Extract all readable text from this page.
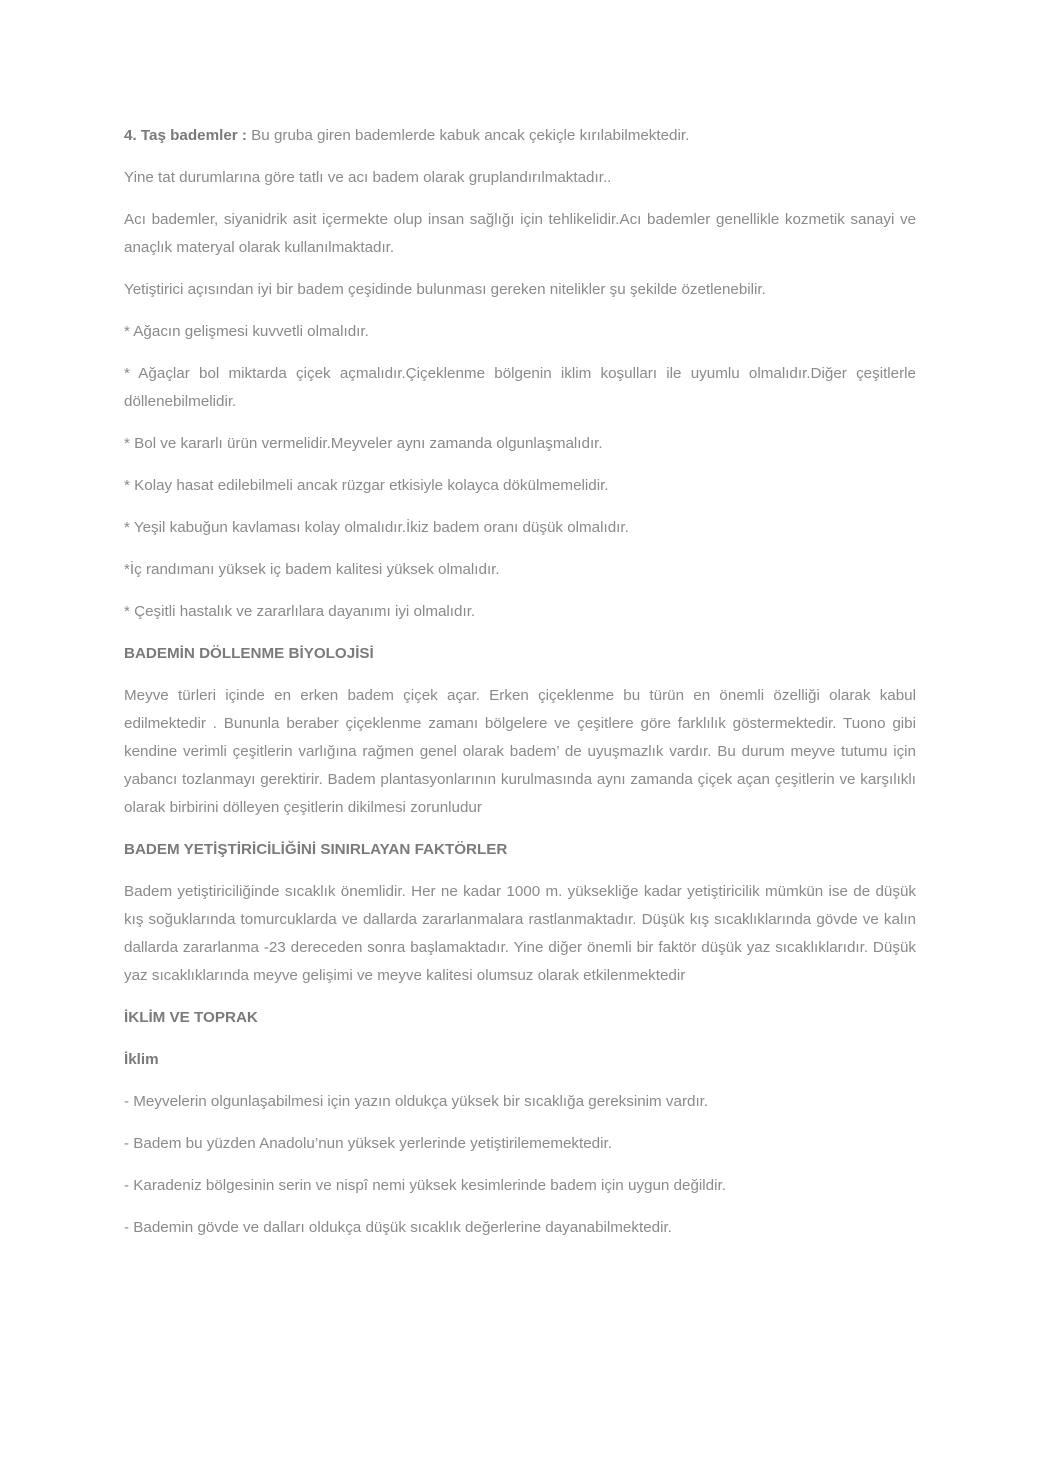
4. Taş bademler : Bu gruba giren bademlerde kabuk ancak çekiçle kırılabilmektedir.

Yine tat durumlarına göre tatlı ve acı badem olarak gruplandırılmaktadır..

Acı bademler, siyanidrik asit içermekte olup insan sağlığı için tehlikelidir.Acı bademler genellikle kozmetik sanayi ve anaçlık materyal olarak kullanılmaktadır.

Yetiştirici açısından iyi bir badem çeşidinde bulunması gereken nitelikler şu şekilde özetlenebilir.

* Ağacın gelişmesi kuvvetli olmalıdır.

* Ağaçlar bol miktarda çiçek açmalıdır.Çiçeklenme bölgenin iklim koşulları ile uyumlu olmalıdır.Diğer çeşitlerle döllenebilmelidir.

* Bol ve kararlı ürün vermelidir.Meyveler aynı zamanda olgunlaşmalıdır.

* Kolay hasat edilebilmeli ancak rüzgar etkisiyle kolayca dökülmemelidir.

* Yeşil kabuğun kavlaması kolay olmalıdır.İkiz badem oranı düşük olmalıdır.

*İç randımanı yüksek iç badem kalitesi yüksek olmalıdır.

* Çeşitli hastalık ve zararlılara dayanımı iyi olmalıdır.

BADEMİN DÖLLENME BİYOLOJİSİ

Meyve türleri içinde en erken badem çiçek açar. Erken çiçeklenme bu türün en önemli özelliği olarak kabul edilmektedir . Bununla beraber çiçeklenme zamanı bölgelere ve çeşitlere göre farklılık göstermektedir. Tuono gibi kendine verimli çeşitlerin varlığına rağmen genel olarak badem’ de uyuşmazlık vardır. Bu durum meyve tutumu için yabancı tozlanmayı gerektirir. Badem plantasyonlarının kurulmasında aynı zamanda çiçek açan çeşitlerin ve karşılıklı olarak birbirini dölleyen çeşitlerin dikilmesi zorunludur

BADEM YETİŞTİRİCİLİĞİNİ SINIRLAYAN FAKTÖRLER

Badem yetiştiriciliğinde sıcaklık önemlidir. Her ne kadar 1000 m. yüksekliğe kadar yetiştiricilik mümkün ise de düşük kış soğuklarında tomurcuklarda ve dallarda zararlanmalara rastlanmaktadır. Düşük kış sıcaklıklarında gövde ve kalın dallarda zararlanma -23 dereceden sonra başlamaktadır. Yine diğer önemli bir faktör düşük yaz sıcaklıklarıdır. Düşük yaz sıcaklıklarında meyve gelişimi ve meyve kalitesi olumsuz olarak etkilenmektedir

İKLİM VE TOPRAK

İklim

- Meyvelerin olgunlaşabilmesi için yazın oldukça yüksek bir sıcaklığa gereksinim vardır.

- Badem bu yüzden Anadolu’nun yüksek yerlerinde yetiştirilememektedir.

- Karadeniz bölgesinin serin ve nispî nemi yüksek kesimlerinde badem için uygun değildir.

- Bademin gövde ve dalları oldukça düşük sıcaklık değerlerine dayanabilmektedir.
